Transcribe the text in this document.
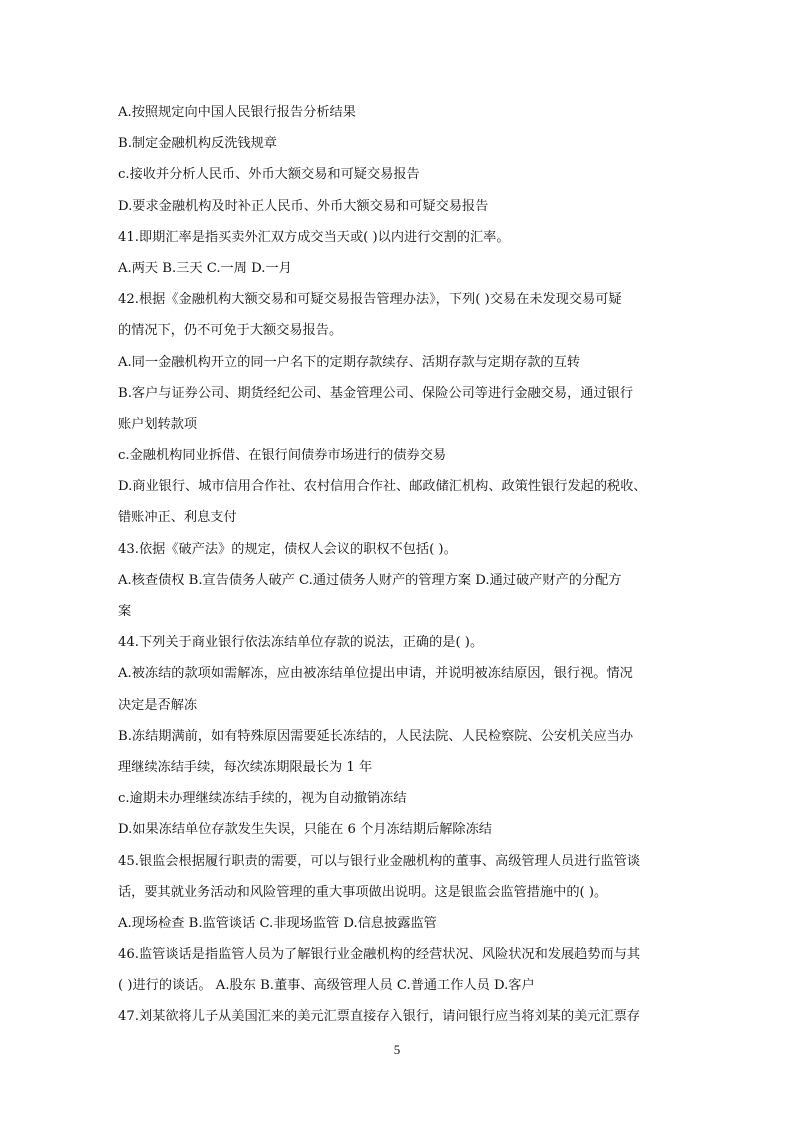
A.按照规定向中国人民银行报告分析结果
B.制定金融机构反洗钱规章
c.接收并分析人民币、外币大额交易和可疑交易报告
D.要求金融机构及时补正人民币、外币大额交易和可疑交易报告
41.即期汇率是指买卖外汇双方成交当天或( )以内进行交割的汇率。
A.两天 B.三天 C.一周 D.一月
42.根据《金融机构大额交易和可疑交易报告管理办法》，下列( )交易在未发现交易可疑
的情况下，仍不可免于大额交易报告。
A.同一金融机构开立的同一户名下的定期存款续存、活期存款与定期存款的互转
B.客户与证券公司、期货经纪公司、基金管理公司、保险公司等进行金融交易，通过银行
账户划转款项
c.金融机构同业拆借、在银行间债券市场进行的债券交易
D.商业银行、城市信用合作社、农村信用合作社、邮政储汇机构、政策性银行发起的税收、
错账冲正、利息支付
43.依据《破产法》的规定，债权人会议的职权不包括( )。
A.核查债权 B.宣告债务人破产 C.通过债务人财产的管理方案 D.通过破产财产的分配方
案
44.下列关于商业银行依法冻结单位存款的说法，正确的是( )。
A.被冻结的款项如需解冻，应由被冻结单位提出申请，并说明被冻结原因，银行视。情况
决定是否解冻
B.冻结期满前，如有特殊原因需要延长冻结的，人民法院、人民检察院、公安机关应当办
理继续冻结手续，每次续冻期限最长为 1 年
c.逾期未办理继续冻结手续的，视为自动撤销冻结
D.如果冻结单位存款发生失误，只能在 6 个月冻结期后解除冻结
45.银监会根据履行职责的需要，可以与银行业金融机构的董事、高级管理人员进行监管谈
话，要其就业务活动和风险管理的重大事项做出说明。这是银监会监管措施中的( )。
A.现场检查 B.监管谈话 C.非现场监管 D.信息披露监管
46.监管谈话是指监管人员为了解银行业金融机构的经营状况、风险状况和发展趋势而与其
( )进行的谈话。 A.股东 B.董事、高级管理人员 C.普通工作人员 D.客户
47.刘某欲将儿子从美国汇来的美元汇票直接存入银行，请问银行应当将刘某的美元汇票存
5
